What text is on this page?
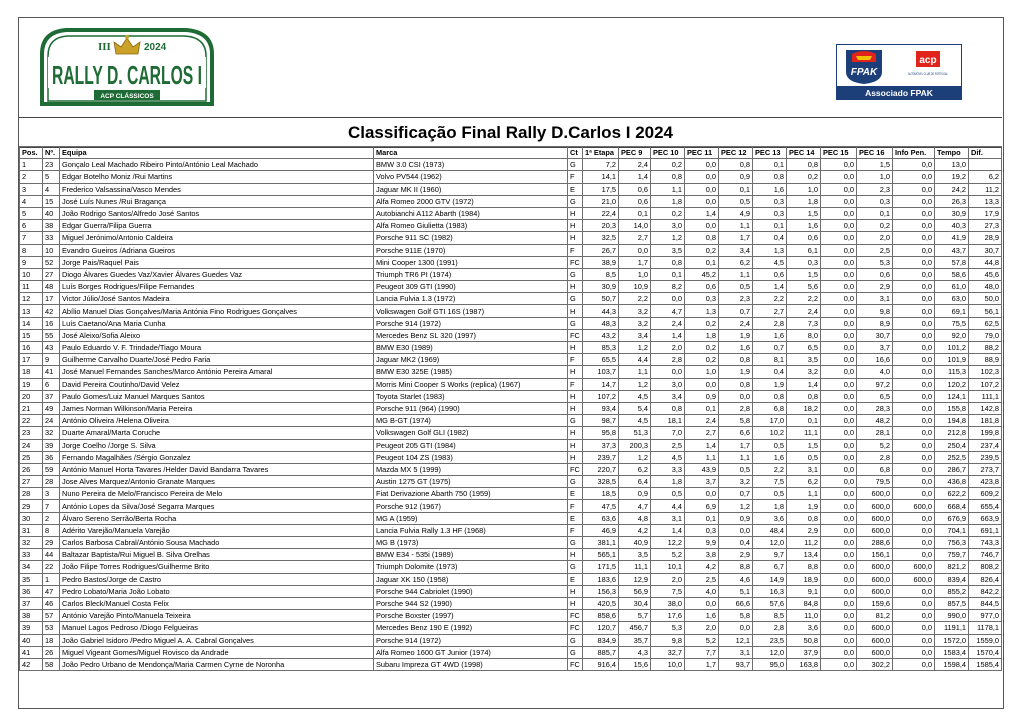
III	2024
RALLY D. CARLOS I
ACP CLÁSSICOS	Associado FPAK
FPAK
acp
AUTOMÓVEL CLUB DE PORTUGAL
Classificação Final Rally D.Carlos I 2024
Pos.	Nº.	Equipa	Marca	Ct	1ª Etapa	PEC 9	PEC 10	PEC 11	PEC 12	PEC 13	PEC 14	PEC 15	PEC 16	Info Pen.	Tempo	Dif.
1	23	Gonçalo Leal Machado Ribeiro Pinto/António Leal Machado	BMW 3.0 CSI (1973)	G	7,2	2,4	0,2	0,0	0,8	0,1	0,8	0,0	1,5	0,0	13,0	
2	5	Edgar Botelho Moniz /Rui Martins	Volvo PV544 (1962)	F	14,1	1,4	0,8	0,0	0,9	0,8	0,2	0,0	1,0	0,0	19,2	6,2
3	4	Frederico Valsassina/Vasco Mendes	Jaguar MK II (1960)	E	17,5	0,6	1,1	0,0	0,1	1,6	1,0	0,0	2,3	0,0	24,2	11,2
4	15	José Luís Nunes /Rui Bragança	Alfa Romeo 2000 GTV (1972)	G	21,0	0,6	1,8	0,0	0,5	0,3	1,8	0,0	0,3	0,0	26,3	13,3
5	40	João Rodrigo Santos/Alfredo José Santos	Autobianchi A112 Abarth (1984)	H	22,4	0,1	0,2	1,4	4,9	0,3	1,5	0,0	0,1	0,0	30,9	17,9
6	38	Edgar Guerra/Filipa Guerra	Alfa Romeo Giulietta (1983)	H	20,3	14,0	3,0	0,0	1,1	0,1	1,6	0,0	0,2	0,0	40,3	27,3
7	33	Miguel Jerónimo/Antonio Caldeira	Porsche 911 SC (1982)	H	32,5	2,7	1,2	0,8	1,7	0,4	0,6	0,0	2,0	0,0	41,9	28,9
8	10	Evandro Gueiros /Adriana Gueiros	Porsche 911E (1970)	F	26,7	0,0	3,5	0,2	3,4	1,3	6,1	0,0	2,5	0,0	43,7	30,7
9	52	Jorge Pais/Raquel Pais	Mini Cooper 1300 (1991)	FC	38,9	1,7	0,8	0,1	6,2	4,5	0,3	0,0	5,3	0,0	57,8	44,8
10	27	Diogo Álvares Guedes Vaz/Xavier Álvares Guedes Vaz	Triumph TR6 PI (1974)	G	8,5	1,0	0,1	45,2	1,1	0,6	1,5	0,0	0,6	0,0	58,6	45,6
11	48	Luís Borges Rodrigues/Filipe Fernandes	Peugeot 309 GTI (1990)	H	30,9	10,9	8,2	0,6	0,5	1,4	5,6	0,0	2,9	0,0	61,0	48,0
12	17	Victor Júlio/José Santos Madeira	Lancia Fulvia 1.3 (1972)	G	50,7	2,2	0,0	0,3	2,3	2,2	2,2	0,0	3,1	0,0	63,0	50,0
13	42	Abílio Manuel Dias Gonçalves/Maria Antónia Fino Rodrigues Gonçalves	Volkswagen Golf GTI 16S (1987)	H	44,3	3,2	4,7	1,3	0,7	2,7	2,4	0,0	9,8	0,0	69,1	56,1
14	16	Luís Caetano/Ana Maria Cunha	Porsche 914 (1972)	G	48,3	3,2	2,4	0,2	2,4	2,8	7,3	0,0	8,9	0,0	75,5	62,5
15	55	José Aleixo/Sofia Aleixo	Mercedes Benz SL 320 (1997)	FC	43,2	3,4	1,4	1,8	1,9	1,6	8,0	0,0	30,7	0,0	92,0	79,0
16	43	Paulo Eduardo V. F. Trindade/Tiago Moura	BMW E30 (1989)	H	85,3	1,2	2,0	0,2	1,6	0,7	6,5	0,0	3,7	0,0	101,2	88,2
17	9	Guilherme Carvalho Duarte/José Pedro Faria	Jaguar MK2 (1969)	F	65,5	4,4	2,8	0,2	0,8	8,1	3,5	0,0	16,6	0,0	101,9	88,9
18	41	José Manuel Fernandes Sanches/Marco António Pereira Amaral	BMW E30 325E (1985)	H	103,7	1,1	0,0	1,0	1,9	0,4	3,2	0,0	4,0	0,0	115,3	102,3
19	6	David Pereira Coutinho/David Velez	Morris Mini Cooper S Works (replica) (1967)	F	14,7	1,2	3,0	0,0	0,8	1,9	1,4	0,0	97,2	0,0	120,2	107,2
20	37	Paulo Gomes/Luiz Manuel Marques Santos	Toyota Starlet (1983)	H	107,2	4,5	3,4	0,9	0,0	0,8	0,8	0,0	6,5	0,0	124,1	111,1
21	49	James Norman Wilkinson/Maria Pereira	Porsche 911 (964) (1990)	H	93,4	5,4	0,8	0,1	2,8	6,8	18,2	0,0	28,3	0,0	155,8	142,8
22	24	António Oliveira /Helena Oliveira	MG B-GT (1974)	G	98,7	4,5	18,1	2,4	5,8	17,0	0,1	0,0	48,2	0,0	194,8	181,8
23	32	Duarte Amaral/Marta Coruche	Volkswagen Golf GLI (1982)	H	95,8	51,3	7,0	2,7	6,6	10,2	11,1	0,0	28,1	0,0	212,8	199,8
24	39	Jorge Coelho /Jorge S. Silva	Peugeot 205 GTI (1984)	H	37,3	200,3	2,5	1,4	1,7	0,5	1,5	0,0	5,2	0,0	250,4	237,4
25	36	Fernando Magalhães /Sérgio Gonzalez	Peugeot 104 ZS (1983)	H	239,7	1,2	4,5	1,1	1,1	1,6	0,5	0,0	2,8	0,0	252,5	239,5
26	59	António Manuel Horta Tavares /Helder David Bandarra Tavares	Mazda MX 5 (1999)	FC	220,7	6,2	3,3	43,9	0,5	2,2	3,1	0,0	6,8	0,0	286,7	273,7
27	28	Jose Alves Marquez/Antonio Granate Marques	Austin 1275 GT (1975)	G	328,5	6,4	1,8	3,7	3,2	7,5	6,2	0,0	79,5	0,0	436,8	423,8
28	3	Nuno Pereira de Melo/Francisco Pereira de Melo	Fiat Derivazione Abarth 750 (1959)	E	18,5	0,9	0,5	0,0	0,7	0,5	1,1	0,0	600,0	0,0	622,2	609,2
29	7	António Lopes da Silva/José Segarra Marques	Porsche 912 (1967)	F	47,5	4,7	4,4	6,9	1,2	1,8	1,9	0,0	600,0	600,0	668,4	655,4
30	2	Álvaro Sereno Serrão/Berta Rocha	MG A (1959)	E	63,6	4,8	3,1	0,1	0,9	3,6	0,8	0,0	600,0	0,0	676,9	663,9
31	8	Adérito Varejão/Manuela Varejão	Lancia Fulvia Rally 1.3 HF (1968)	F	46,9	4,2	1,4	0,3	0,0	48,4	2,9	0,0	600,0	0,0	704,1	691,1
32	29	Carlos Barbosa Cabral/António Sousa Machado	MG B (1973)	G	381,1	40,9	12,2	9,9	0,4	12,0	11,2	0,0	288,6	0,0	756,3	743,3
33	44	Baltazar Baptista/Rui Miguel B. Silva Orelhas	BMW E34 - 535i (1989)	H	565,1	3,5	5,2	3,8	2,9	9,7	13,4	0,0	156,1	0,0	759,7	746,7
34	22	João Filipe Torres Rodrigues/Guilherme Brito	Triumph Dolomite (1973)	G	171,5	11,1	10,1	4,2	8,8	6,7	8,8	0,0	600,0	600,0	821,2	808,2
35	1	Pedro Bastos/Jorge de Castro	Jaguar XK 150 (1958)	E	183,6	12,9	2,0	2,5	4,6	14,9	18,9	0,0	600,0	600,0	839,4	826,4
36	47	Pedro Lobato/Maria João Lobato	Porsche 944 Cabriolet (1990)	H	156,3	56,9	7,5	4,0	5,1	16,3	9,1	0,0	600,0	0,0	855,2	842,2
37	46	Carlos Bleck/Manuel Costa Felix	Porsche 944 S2 (1990)	H	420,5	30,4	38,0	0,0	66,6	57,6	84,8	0,0	159,6	0,0	857,5	844,5
38	57	António Varejão Pinto/Manuela Teixeira	Porsche Boxster (1997)	FC	858,6	5,7	17,6	1,6	5,8	8,5	11,0	0,0	81,2	0,0	990,0	977,0
39	53	Manuel Lagos Pedroso /Diogo Felgueiras	Mercedes Benz 190 E (1992)	FC	120,7	456,7	5,3	2,0	0,0	2,8	3,6	0,0	600,0	0,0	1191,1	1178,1
40	18	João Gabriel Isidoro /Pedro Miguel A. A. Cabral Gonçalves	Porsche 914 (1972)	G	834,9	35,7	9,8	5,2	12,1	23,5	50,8	0,0	600,0	0,0	1572,0	1559,0
41	26	Miguel Vigeant Gomes/Miguel Rovisco da Andrade	Alfa Romeo 1600 GT Junior (1974)	G	885,7	4,3	32,7	7,7	3,1	12,0	37,9	0,0	600,0	0,0	1583,4	1570,4
42	58	João Pedro Urbano de Mendonça/Maria Carmen Cyrne de Noronha	Subaru Impreza GT 4WD (1998)	FC	916,4	15,6	10,0	1,7	93,7	95,0	163,8	0,0	302,2	0,0	1598,4	1585,4
